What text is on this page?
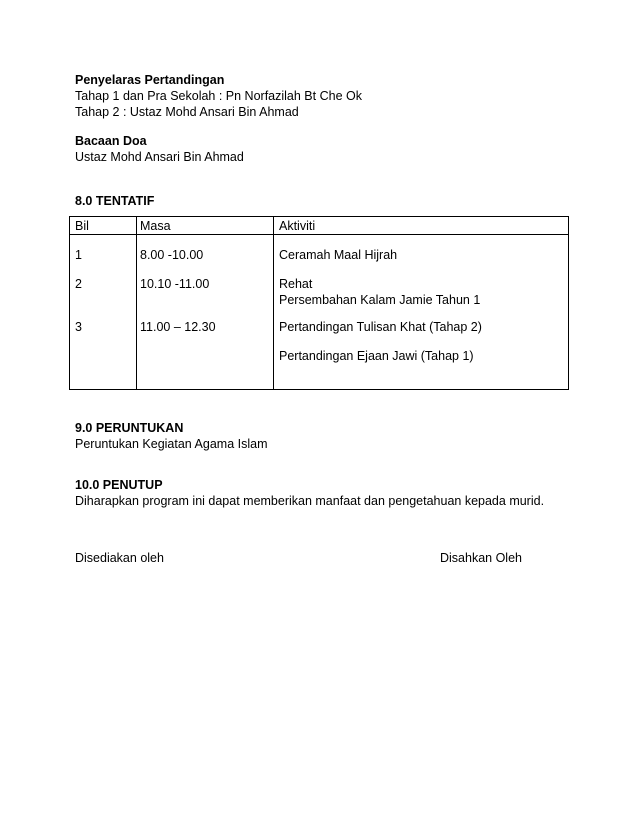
Penyelaras Pertandingan
Tahap 1 dan Pra Sekolah : Pn Norfazilah Bt Che Ok
Tahap 2 : Ustaz Mohd Ansari Bin Ahmad
Bacaan Doa
Ustaz Mohd Ansari Bin Ahmad
8.0 TENTATIF
Bil	Masa	Aktiviti
1	8.00 -10.00	Ceramah Maal Hijrah
2	10.10 -11.00	Rehat
Persembahan Kalam Jamie Tahun 1
3	11.00 – 12.30	Pertandingan Tulisan Khat (Tahap 2)
Pertandingan Ejaan Jawi (Tahap 1)
9.0 PERUNTUKAN
Peruntukan Kegiatan Agama Islam
10.0 PENUTUP
Diharapkan program ini dapat memberikan manfaat dan pengetahuan kepada murid.
Disediakan oleh	Disahkan Oleh
